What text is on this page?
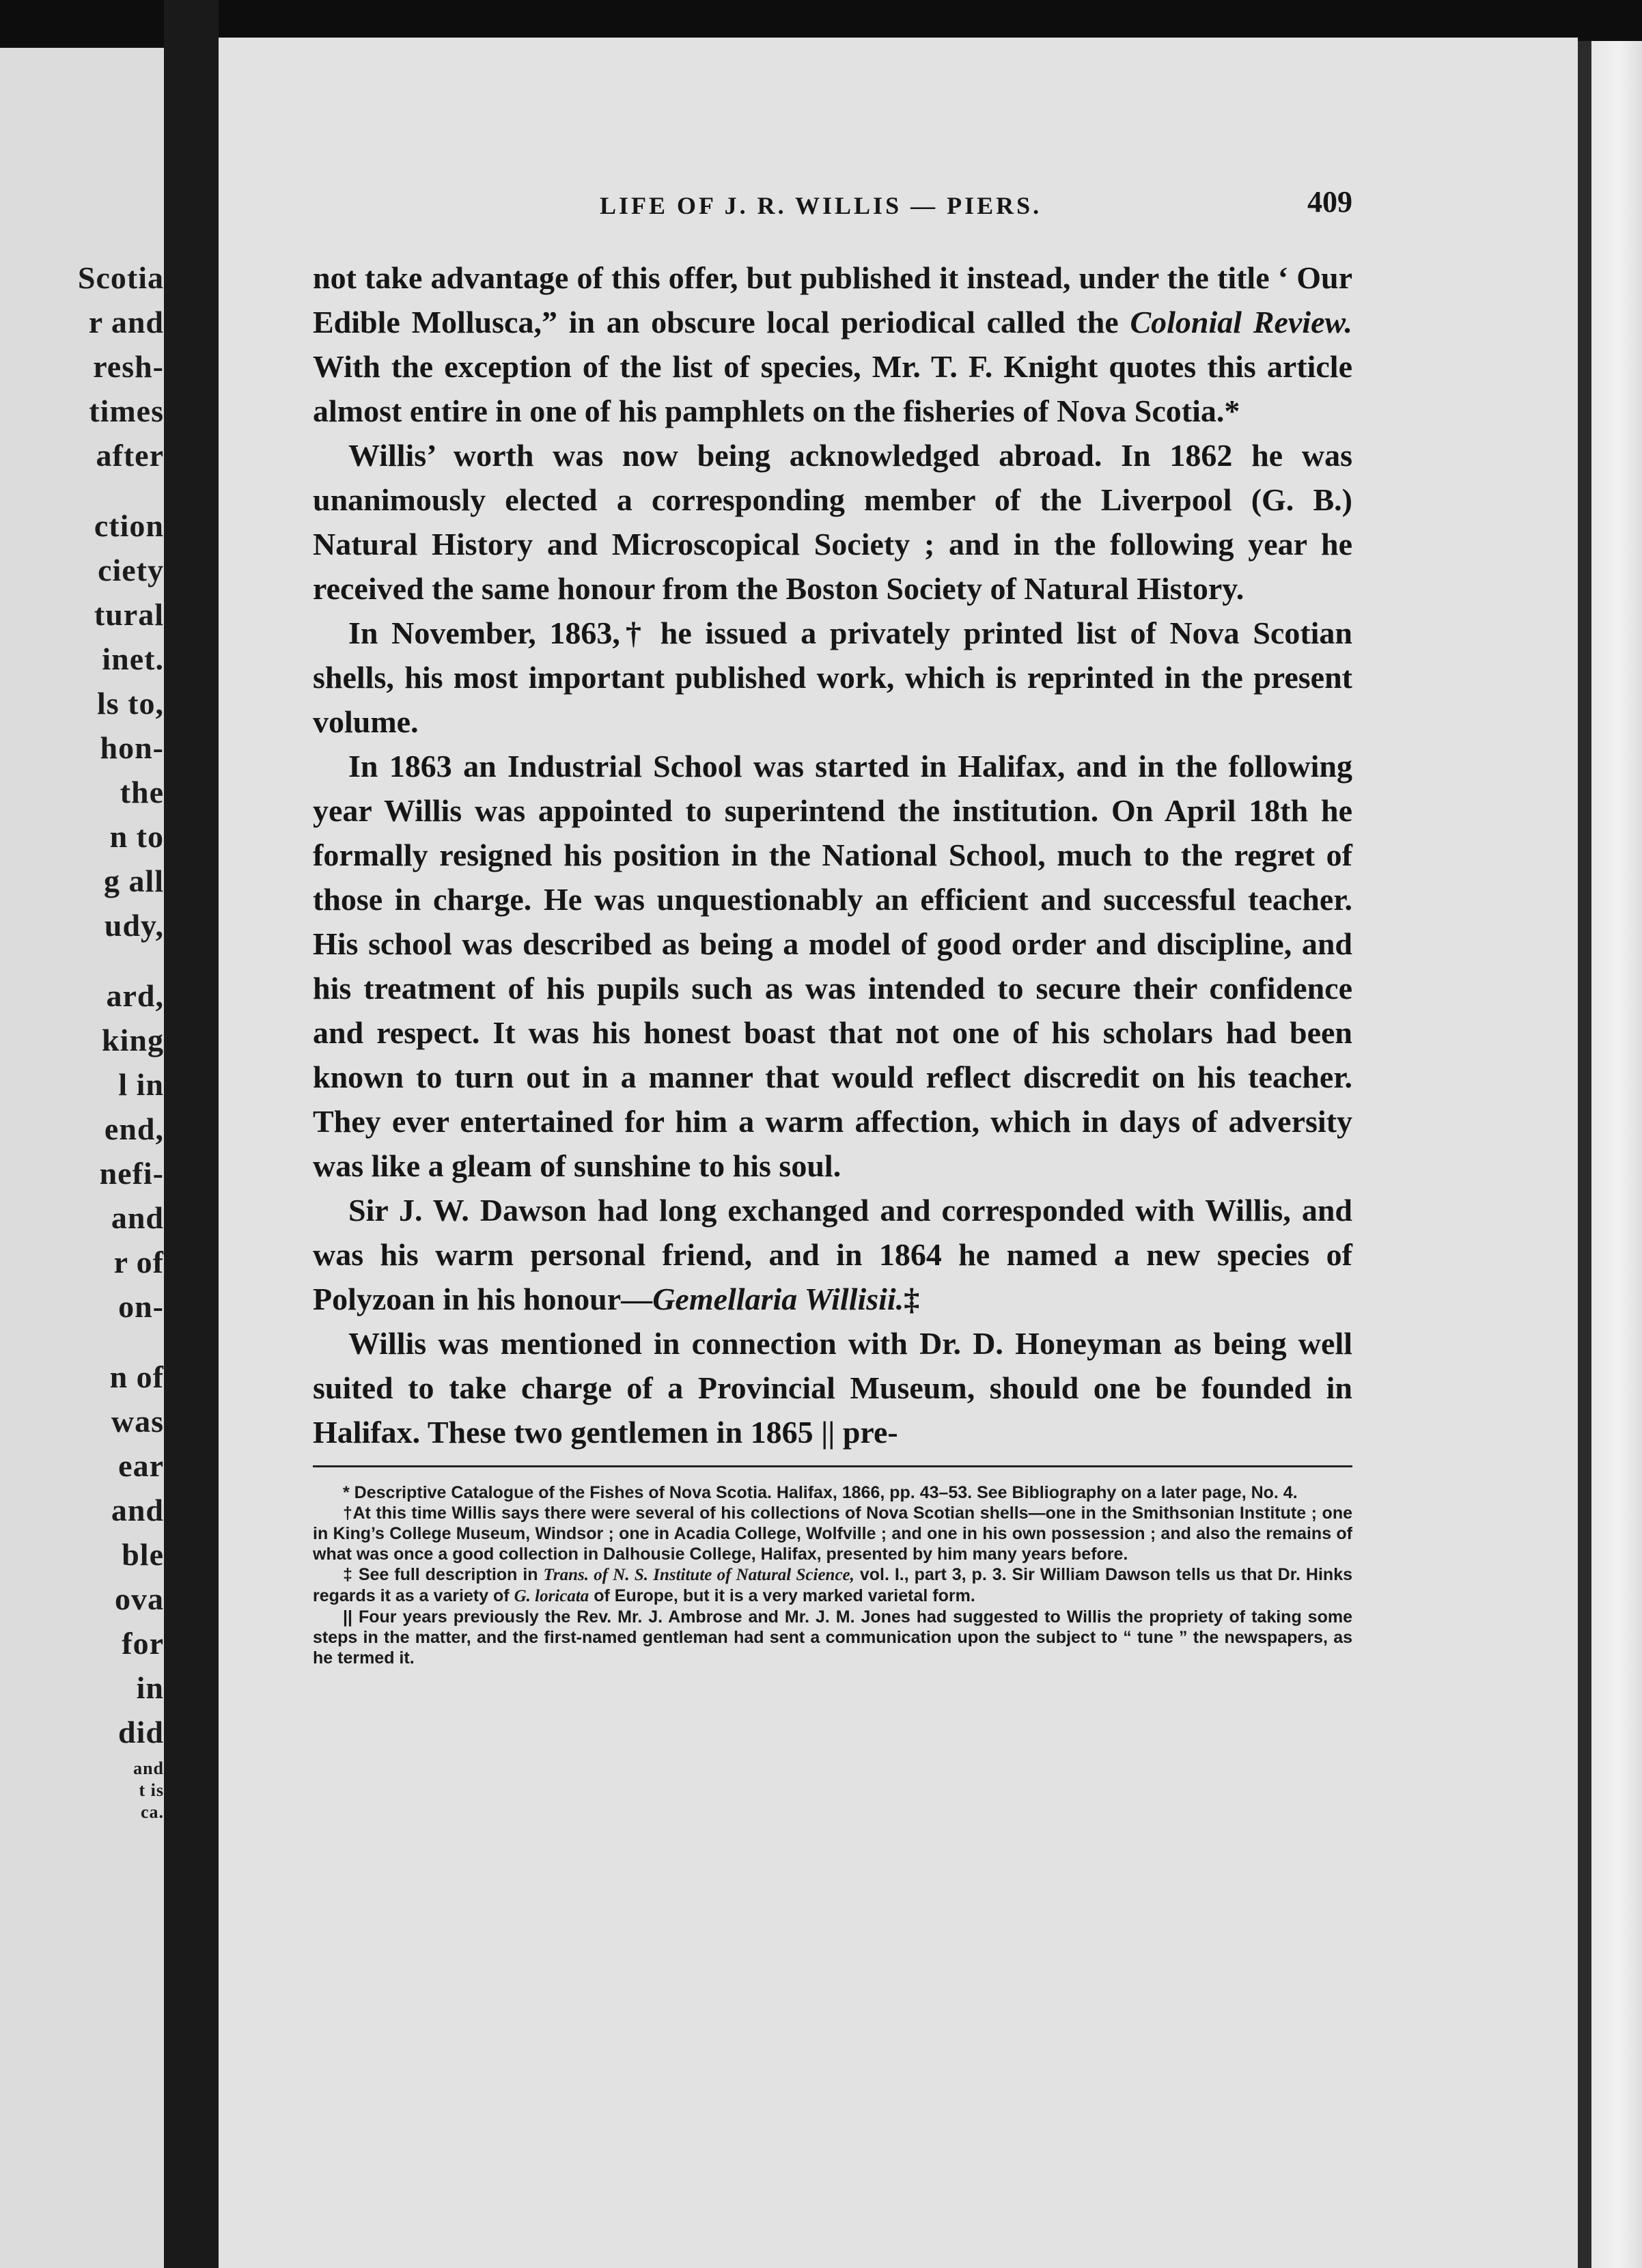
Scotia
r and
resh-
times
after
ction
ciety
tural
inet.
ls to,
hon-
the
n to
g all
udy,
ard,
king
l in
end,
nefi-
and
r of
on-
n of
was
ear
and
ble
ova
for
in
did
and
t is
ca.
LIFE OF J. R. WILLIS — PIERS.	409

not take advantage of this offer, but published it instead, under the title ‘ Our Edible Mollusca,” in an obscure local periodical called the Colonial Review. With the exception of the list of species, Mr. T. F. Knight quotes this article almost entire in one of his pamphlets on the fisheries of Nova Scotia.*

Willis’ worth was now being acknowledged abroad. In 1862 he was unanimously elected a corresponding member of the Liverpool (G. B.) Natural History and Microscopical Society ; and in the following year he received the same honour from the Boston Society of Natural History.

In November, 1863,† he issued a privately printed list of Nova Scotian shells, his most important published work, which is reprinted in the present volume.

In 1863 an Industrial School was started in Halifax, and in the following year Willis was appointed to superintend the institution. On April 18th he formally resigned his position in the National School, much to the regret of those in charge. He was unquestionably an efficient and successful teacher. His school was described as being a model of good order and discipline, and his treatment of his pupils such as was intended to secure their confidence and respect. It was his honest boast that not one of his scholars had been known to turn out in a manner that would reflect discredit on his teacher. They ever entertained for him a warm affection, which in days of adversity was like a gleam of sunshine to his soul.

Sir J. W. Dawson had long exchanged and corresponded with Willis, and was his warm personal friend, and in 1864 he named a new species of Polyzoan in his honour—Gemellaria Willisii.‡

Willis was mentioned in connection with Dr. D. Honeyman as being well suited to take charge of a Provincial Museum, should one be founded in Halifax. These two gentlemen in 1865 || pre-

* Descriptive Catalogue of the Fishes of Nova Scotia. Halifax, 1866, pp. 43–53. See Bibliography on a later page, No. 4.

†At this time Willis says there were several of his collections of Nova Scotian shells—one in the Smithsonian Institute ; one in King’s College Museum, Windsor ; one in Acadia College, Wolfville ; and one in his own possession ; and also the remains of what was once a good collection in Dalhousie College, Halifax, presented by him many years before.

‡ See full description in Trans. of N. S. Institute of Natural Science, vol. I., part 3, p. 3. Sir William Dawson tells us that Dr. Hinks regards it as a variety of G. loricata of Europe, but it is a very marked varietal form.

|| Four years previously the Rev. Mr. J. Ambrose and Mr. J. M. Jones had suggested to Willis the propriety of taking some steps in the matter, and the first-named gentleman had sent a communication upon the subject to “ tune ” the newspapers, as he termed it.
